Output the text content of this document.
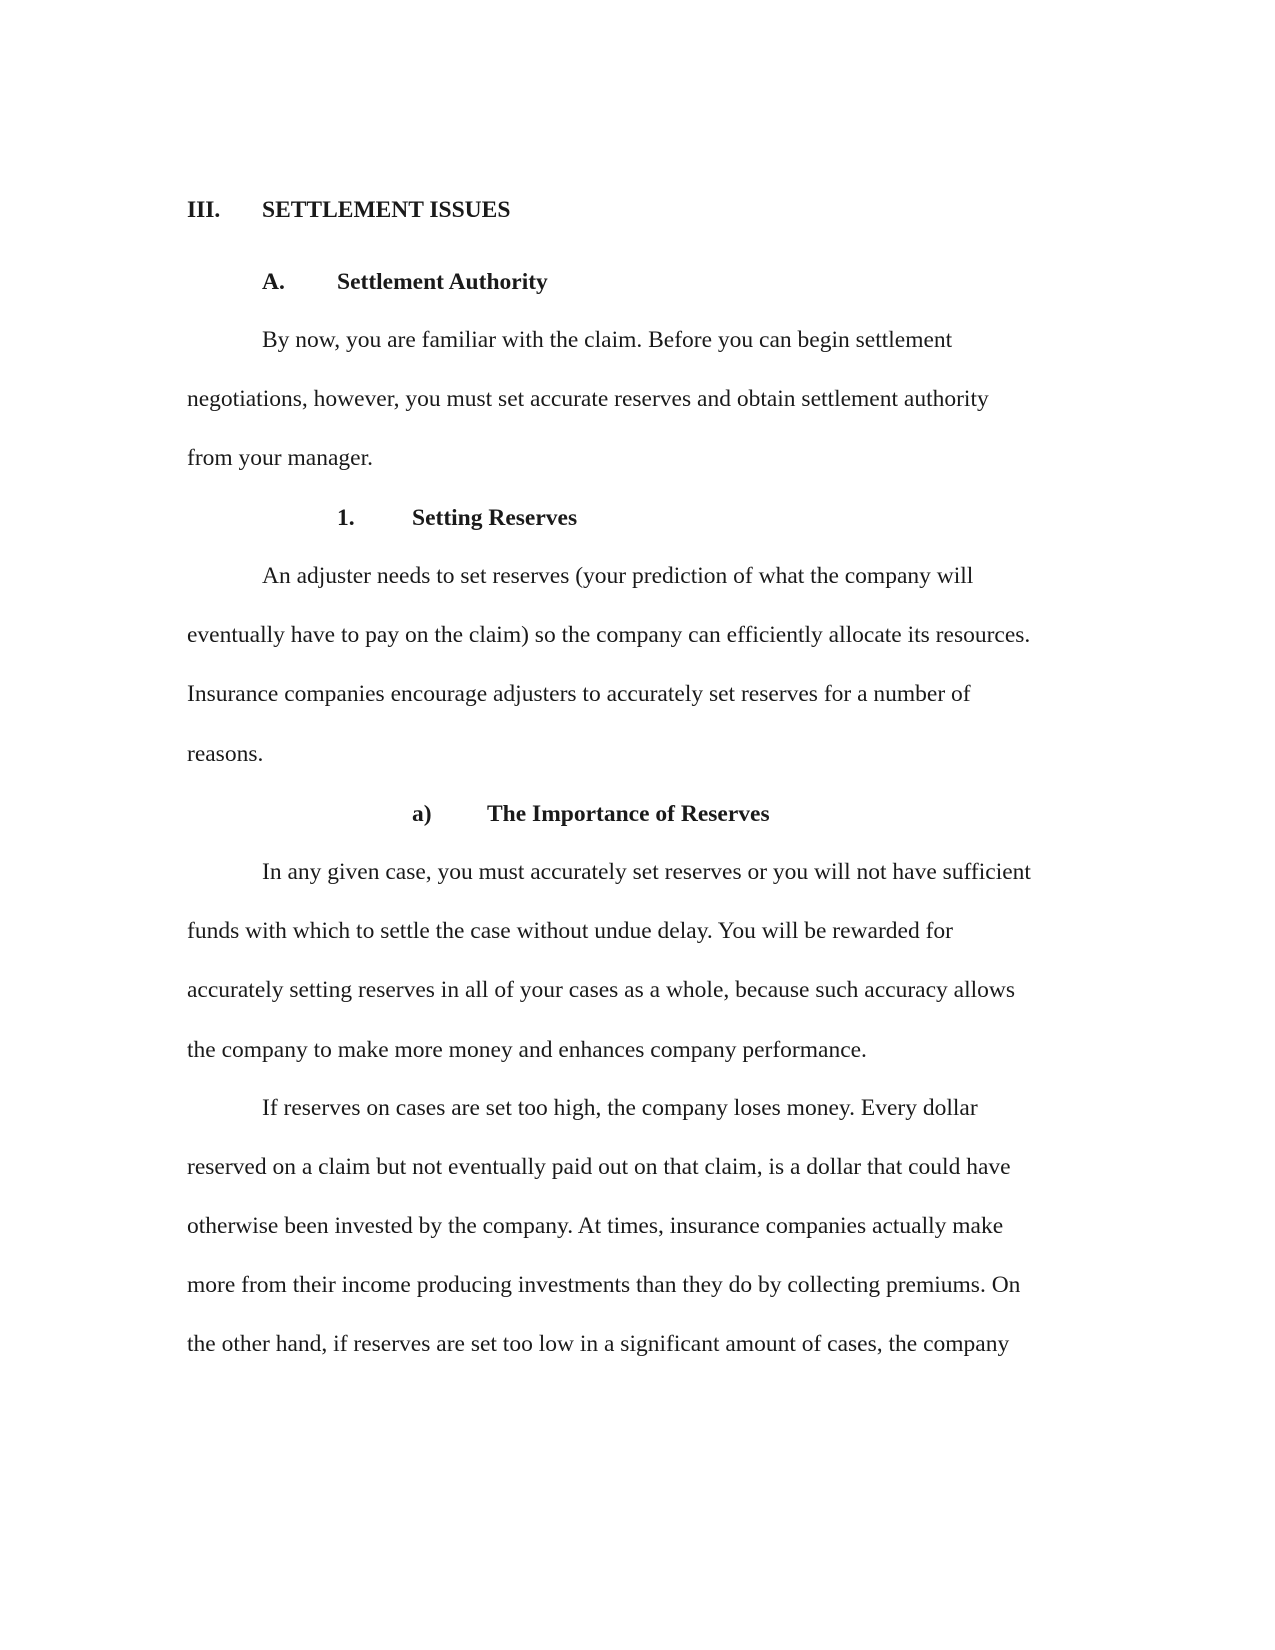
III. SETTLEMENT ISSUES
A. Settlement Authority
By now, you are familiar with the claim. Before you can begin settlement
negotiations, however, you must set accurate reserves and obtain settlement authority
from your manager.
1. Setting Reserves
An adjuster needs to set reserves (your prediction of what the company will
eventually have to pay on the claim) so the company can efficiently allocate its resources.
Insurance companies encourage adjusters to accurately set reserves for a number of
reasons.
a) The Importance of Reserves
In any given case, you must accurately set reserves or you will not have sufficient
funds with which to settle the case without undue delay. You will be rewarded for
accurately setting reserves in all of your cases as a whole, because such accuracy allows
the company to make more money and enhances company performance.
If reserves on cases are set too high, the company loses money. Every dollar
reserved on a claim but not eventually paid out on that claim, is a dollar that could have
otherwise been invested by the company. At times, insurance companies actually make
more from their income producing investments than they do by collecting premiums. On
the other hand, if reserves are set too low in a significant amount of cases, the company
